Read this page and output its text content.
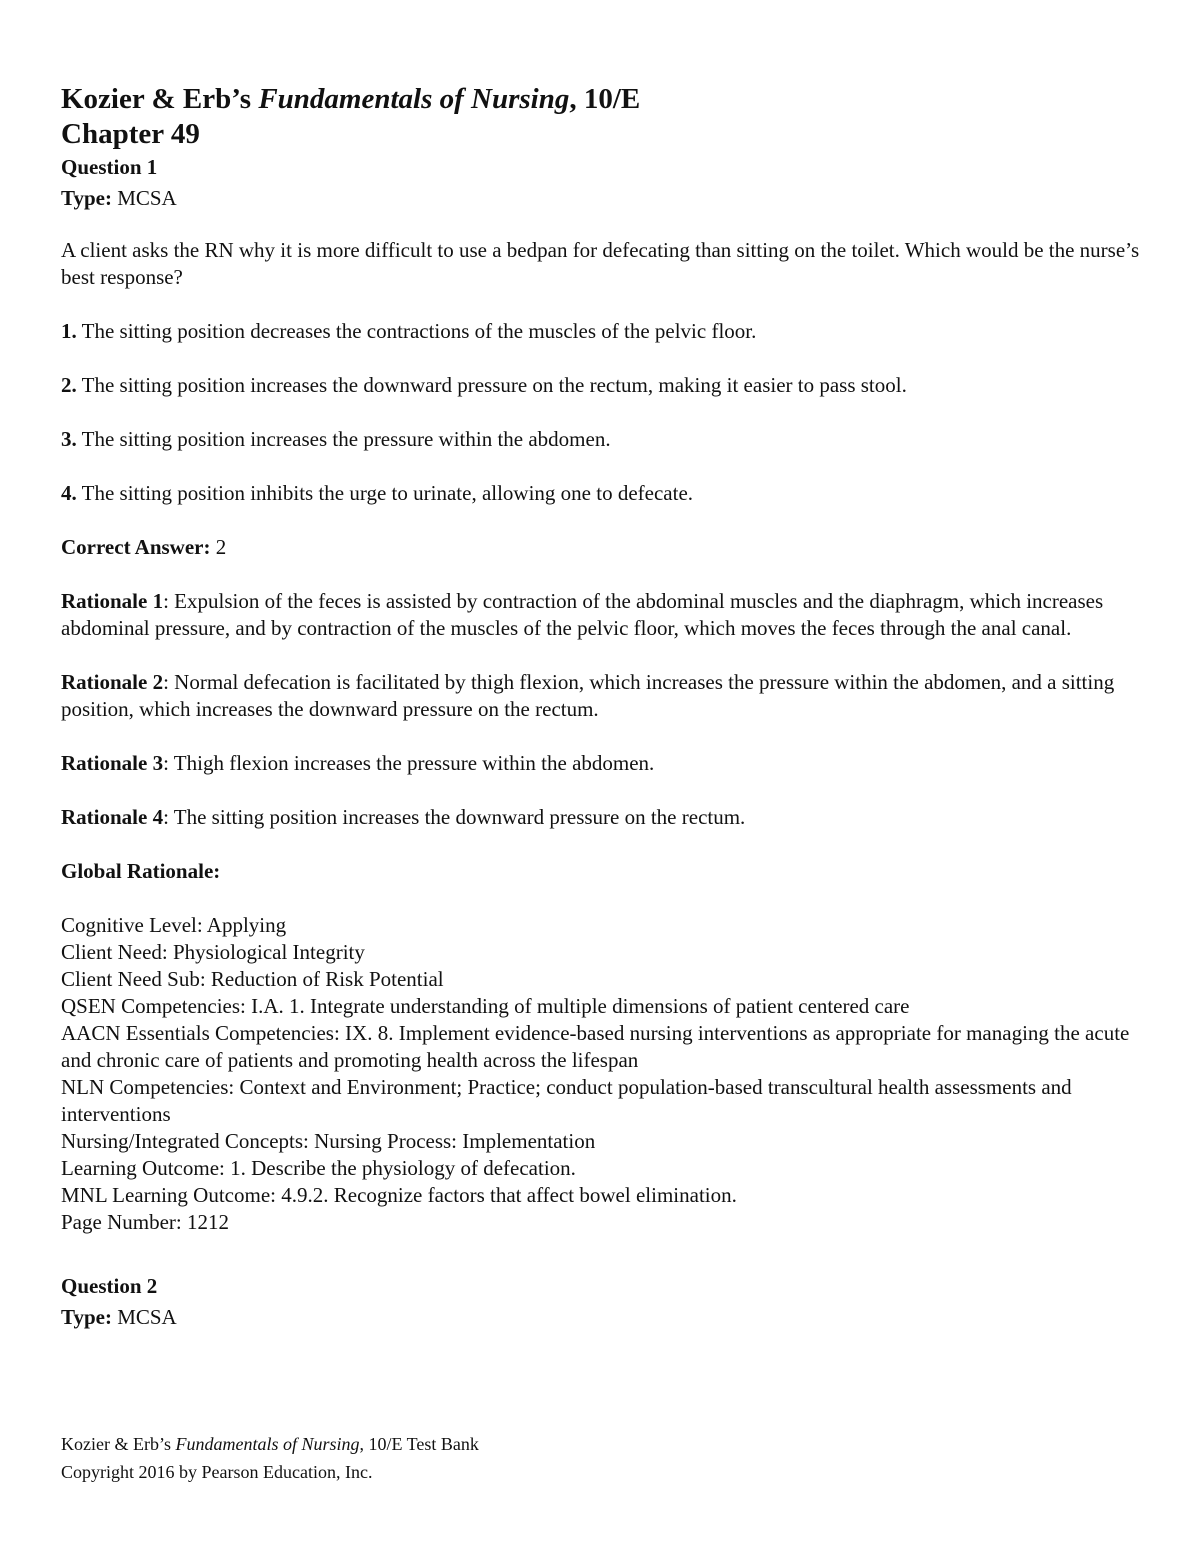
Kozier & Erb’s Fundamentals of Nursing, 10/E
Chapter 49
Question 1
Type: MCSA

A client asks the RN why it is more difficult to use a bedpan for defecating than sitting on the toilet. Which would be the nurse’s best response?

1. The sitting position decreases the contractions of the muscles of the pelvic floor.

2. The sitting position increases the downward pressure on the rectum, making it easier to pass stool.

3. The sitting position increases the pressure within the abdomen.

4. The sitting position inhibits the urge to urinate, allowing one to defecate.

Correct Answer: 2

Rationale 1: Expulsion of the feces is assisted by contraction of the abdominal muscles and the diaphragm, which increases abdominal pressure, and by contraction of the muscles of the pelvic floor, which moves the feces through the anal canal.

Rationale 2: Normal defecation is facilitated by thigh flexion, which increases the pressure within the abdomen, and a sitting position, which increases the downward pressure on the rectum.

Rationale 3: Thigh flexion increases the pressure within the abdomen.

Rationale 4: The sitting position increases the downward pressure on the rectum.

Global Rationale:

Cognitive Level: Applying
Client Need: Physiological Integrity
Client Need Sub: Reduction of Risk Potential
QSEN Competencies: I.A. 1. Integrate understanding of multiple dimensions of patient centered care
AACN Essentials Competencies: IX. 8. Implement evidence-based nursing interventions as appropriate for managing the acute and chronic care of patients and promoting health across the lifespan
NLN Competencies: Context and Environment; Practice; conduct population-based transcultural health assessments and interventions
Nursing/Integrated Concepts: Nursing Process: Implementation
Learning Outcome: 1. Describe the physiology of defecation.
MNL Learning Outcome: 4.9.2. Recognize factors that affect bowel elimination.
Page Number: 1212
Question 2
Type: MCSA
Kozier & Erb’s Fundamentals of Nursing, 10/E Test Bank
Copyright 2016 by Pearson Education, Inc.
